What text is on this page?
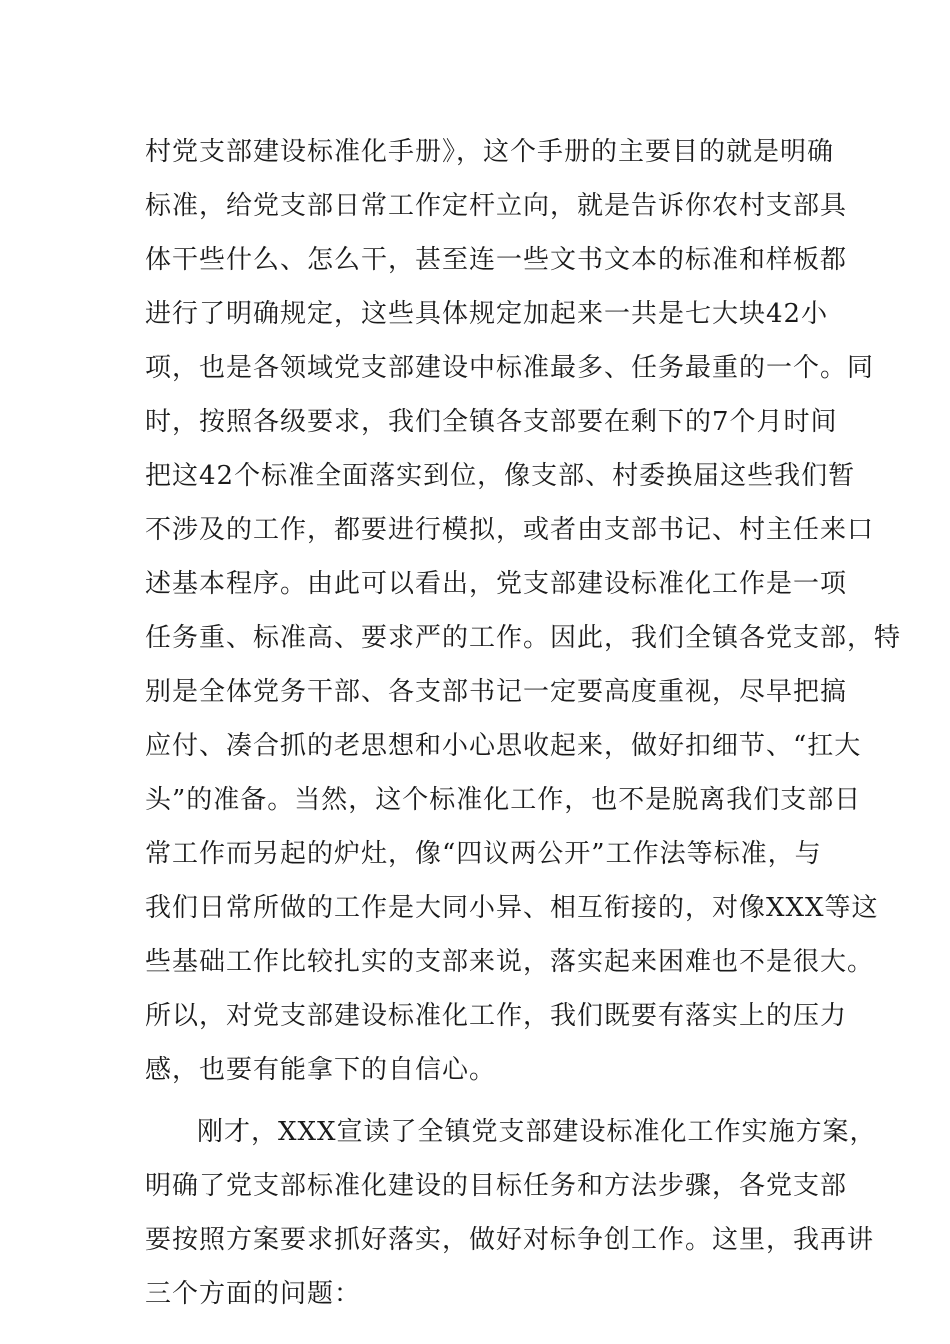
村党支部建设标准化手册》，这个手册的主要目的就是明确
标准，给党支部日常工作定杆立向，就是告诉你农村支部具
体干些什么、怎么干，甚至连一些文书文本的标准和样板都
进行了明确规定，这些具体规定加起来一共是七大块42小
项，也是各领域党支部建设中标准最多、任务最重的一个。同
时，按照各级要求，我们全镇各支部要在剩下的7个月时间
把这42个标准全面落实到位，像支部、村委换届这些我们暂
不涉及的工作，都要进行模拟，或者由支部书记、村主任来口
述基本程序。由此可以看出，党支部建设标准化工作是一项
任务重、标准高、要求严的工作。因此，我们全镇各党支部，特
别是全体党务干部、各支部书记一定要高度重视，尽早把搞
应付、凑合抓的老思想和小心思收起来，做好扣细节、“扛大
头”的准备。当然，这个标准化工作，也不是脱离我们支部日
常工作而另起的炉灶，像“四议两公开”工作法等标准，与
我们日常所做的工作是大同小异、相互衔接的，对像XXX等这
些基础工作比较扎实的支部来说，落实起来困难也不是很大。
所以，对党支部建设标准化工作，我们既要有落实上的压力
感，也要有能拿下的自信心。
刚才，XXX宣读了全镇党支部建设标准化工作实施方案，
明确了党支部标准化建设的目标任务和方法步骤，各党支部
要按照方案要求抓好落实，做好对标争创工作。这里，我再讲
三个方面的问题：
